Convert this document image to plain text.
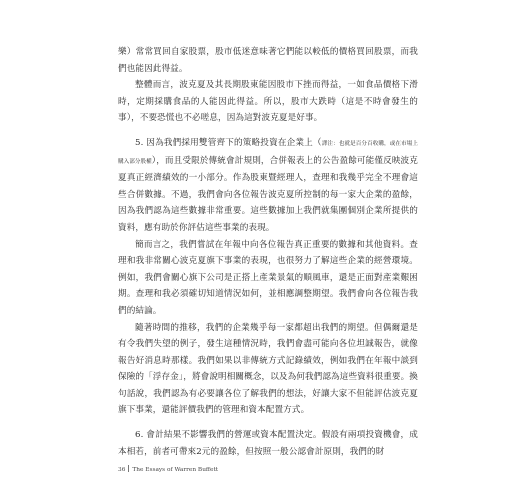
樂）常常買回自家股票，股市低迷意味著它們能以較低的價格買回股票，而我們也能因此得益。

整體而言，波克夏及其長期股東能因股市下挫而得益，一如食品價格下滑時，定期採購食品的人能因此得益。所以，股市大跌時（這是不時會發生的事），不要恐慌也不必嗟息，因為這對波克夏是好事。

5. 因為我們採用雙管齊下的策略投資在企業上（譯注：也就是百分百收購，或在市場上購入部分股權），而且受限於傳統會計規則，合併報表上的公告盈餘可能僅反映波克夏真正經濟績效的一小部分。作為股東暨經理人，查理和我幾乎完全不理會這些合併數據。不過，我們會向各位報告波克夏所控制的每一家大企業的盈餘，因為我們認為這些數據非常重要。這些數據加上我們就集團個別企業所提供的資料，應有助於你評估這些事業的表現。

簡而言之，我們嘗試在年報中向各位報告真正重要的數據和其他資料。查理和我非常關心波克夏旗下事業的表現，也很努力了解這些企業的經營環境。例如，我們會關心旗下公司是正搭上產業景氣的順風車，還是正面對產業艱困期。查理和我必須確切知道情況如何，並相應調整期望。我們會向各位報告我們的結論。

隨著時間的推移，我們的企業幾乎每一家都超出我們的期望。但偶爾還是有令我們失望的例子，發生這種情況時，我們會盡可能向各位坦誠報告，就像報告好消息時那樣。我們如果以非傳統方式記錄績效，例如我們在年報中談到保險的「浮存金」，將會說明相關概念，以及為何我們認為這些資料很重要。換句話說，我們認為有必要讓各位了解我們的想法，好讓大家不但能評估波克夏旗下事業，還能評價我們的管理和資本配置方式。

6. 會計結果不影響我們的營運或資本配置決定。假設有兩項投資機會，成本相若，前者可帶來2元的盈餘，但按照一般公認會計原則，我們的財

36 The Essays of Warren Buffett
